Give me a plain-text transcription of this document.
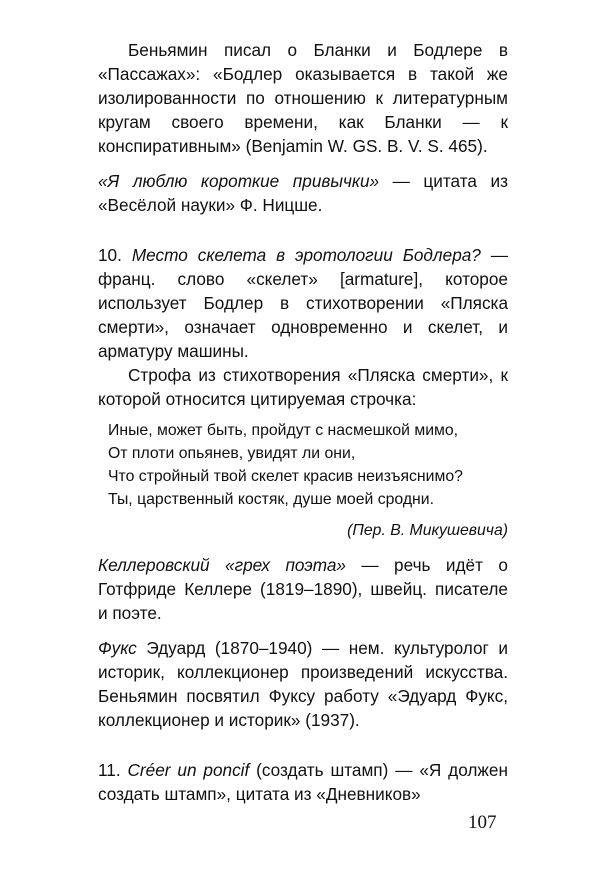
Беньямин писал о Бланки и Бодлере в «Пассажах»: «Бодлер оказывается в такой же изолированности по отношению к литературным кругам своего времени, как Бланки — к конспиративным» (Benjamin W. GS. B. V. S. 465).

«Я люблю короткие привычки» — цитата из «Весёлой науки» Ф. Ницше.

10. Место скелета в эротологии Бодлера? — франц. слово «скелет» [armature], которое использует Бодлер в стихотворении «Пляска смерти», означает одновременно и скелет, и арматуру машины.

Строфа из стихотворения «Пляска смерти», к которой относится цитируемая строчка:

Иные, может быть, пройдут с насмешкой мимо,
От плоти опьянев, увидят ли они,
Что стройный твой скелет красив неизъяснимо?
Ты, царственный костяк, душе моей сродни.
(Пер. В. Микушевича)

Келлеровский «грех поэта» — речь идёт о Готфриде Келлере (1819–1890), швейц. писателе и поэте.

Фукс Эдуард (1870–1940) — нем. культуролог и историк, коллекционер произведений искусства. Беньямин посвятил Фуксу работу «Эдуард Фукс, коллекционер и историк» (1937).

11. Créer un poncif (создать штамп) — «Я должен создать штамп», цитата из «Дневников»

107
